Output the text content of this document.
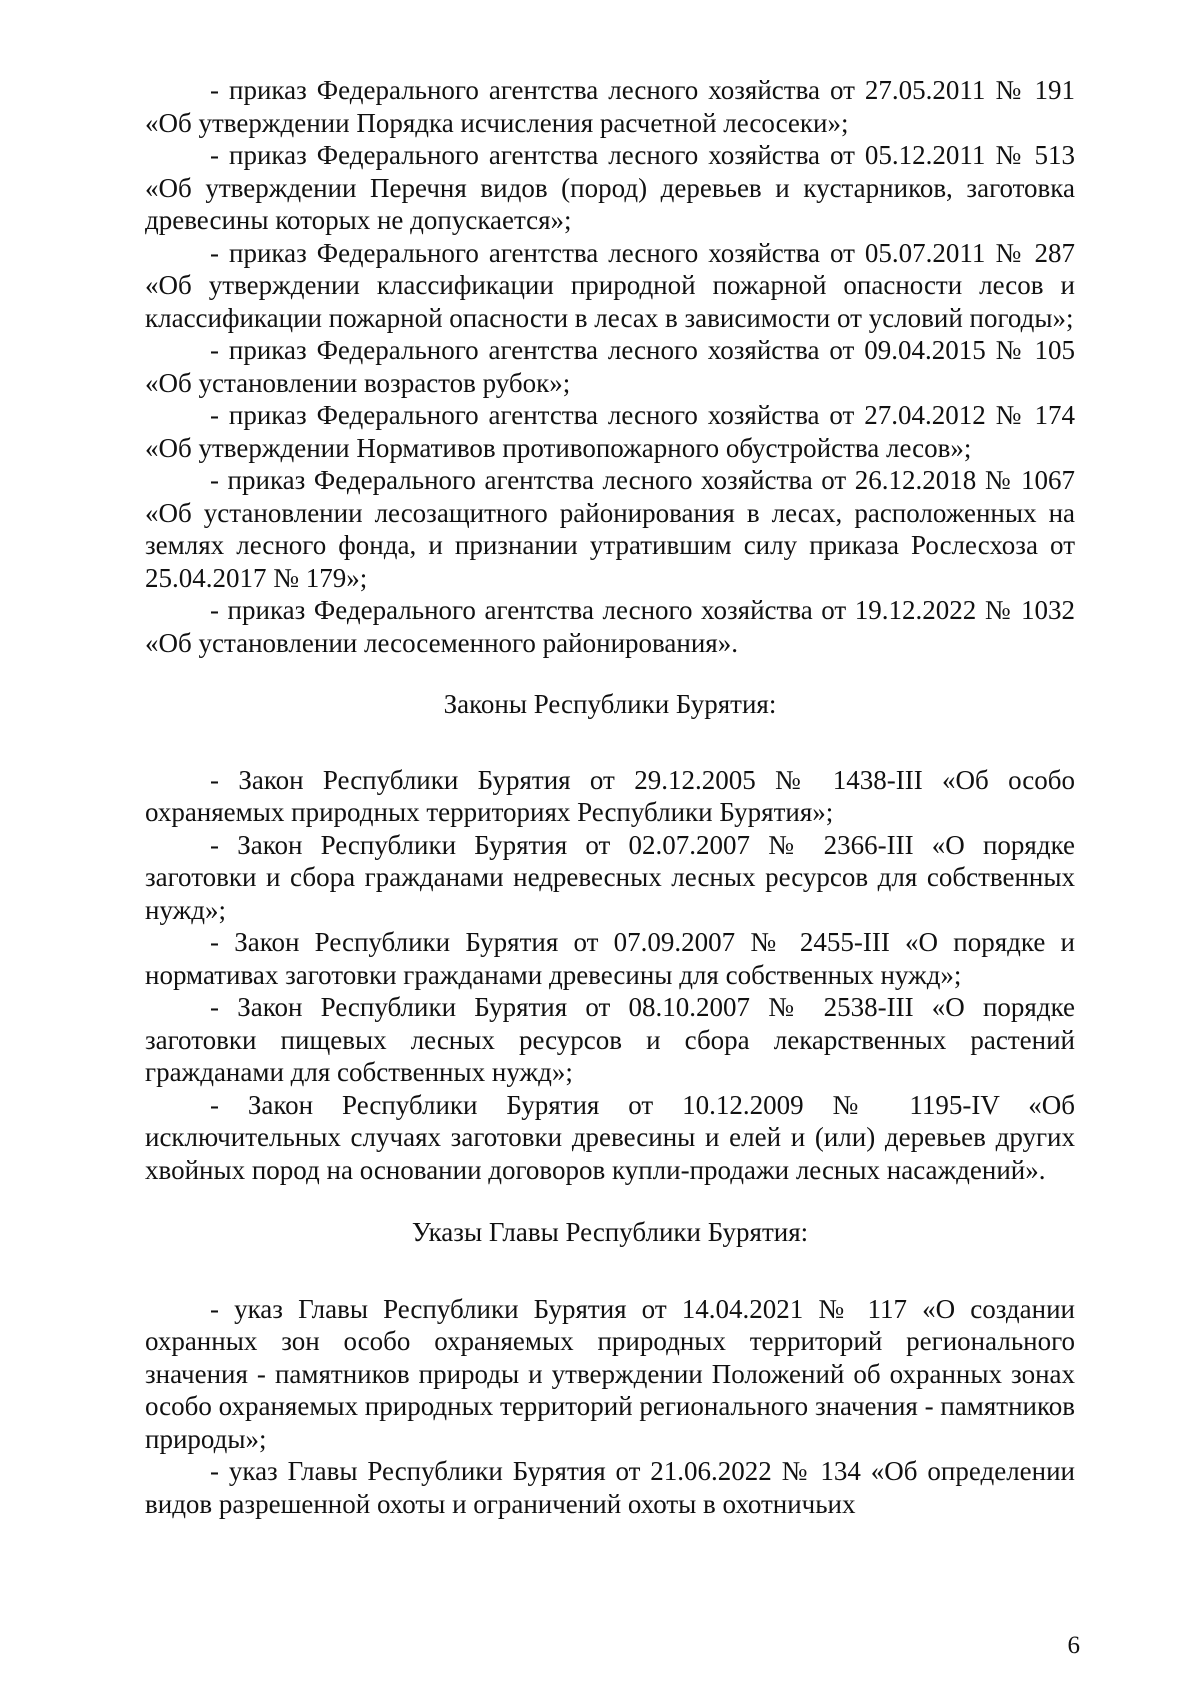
- приказ Федерального агентства лесного хозяйства от 27.05.2011 № 191 «Об утверждении Порядка исчисления расчетной лесосеки»;

- приказ Федерального агентства лесного хозяйства от 05.12.2011 № 513 «Об утверждении Перечня видов (пород) деревьев и кустарников, заготовка древесины которых не допускается»;

- приказ Федерального агентства лесного хозяйства от 05.07.2011 № 287 «Об утверждении классификации природной пожарной опасности лесов и классификации пожарной опасности в лесах в зависимости от условий погоды»;

- приказ Федерального агентства лесного хозяйства от 09.04.2015 № 105 «Об установлении возрастов рубок»;

- приказ Федерального агентства лесного хозяйства от 27.04.2012 № 174 «Об утверждении Нормативов противопожарного обустройства лесов»;

- приказ Федерального агентства лесного хозяйства от 26.12.2018 № 1067 «Об установлении лесозащитного районирования в лесах, расположенных на землях лесного фонда, и признании утратившим силу приказа Рослесхоза от 25.04.2017 № 179»;

- приказ Федерального агентства лесного хозяйства от 19.12.2022 № 1032 «Об установлении лесосеменного районирования».

Законы Республики Бурятия:

- Закон Республики Бурятия от 29.12.2005 № 1438-III «Об особо охраняемых природных территориях Республики Бурятия»;

- Закон Республики Бурятия от 02.07.2007 № 2366-III «О порядке заготовки и сбора гражданами недревесных лесных ресурсов для собственных нужд»;

- Закон Республики Бурятия от 07.09.2007 № 2455-III «О порядке и нормативах заготовки гражданами древесины для собственных нужд»;

- Закон Республики Бурятия от 08.10.2007 № 2538-III «О порядке заготовки пищевых лесных ресурсов и сбора лекарственных растений гражданами для собственных нужд»;

- Закон Республики Бурятия от 10.12.2009 № 1195-IV «Об исключительных случаях заготовки древесины и елей и (или) деревьев других хвойных пород на основании договоров купли-продажи лесных насаждений».

Указы Главы Республики Бурятия:

- указ Главы Республики Бурятия от 14.04.2021 № 117 «О создании охранных зон особо охраняемых природных территорий регионального значения - памятников природы и утверждении Положений об охранных зонах особо охраняемых природных территорий регионального значения - памятников природы»;

- указ Главы Республики Бурятия от 21.06.2022 № 134 «Об определении видов разрешенной охоты и ограничений охоты в охотничьих

6
